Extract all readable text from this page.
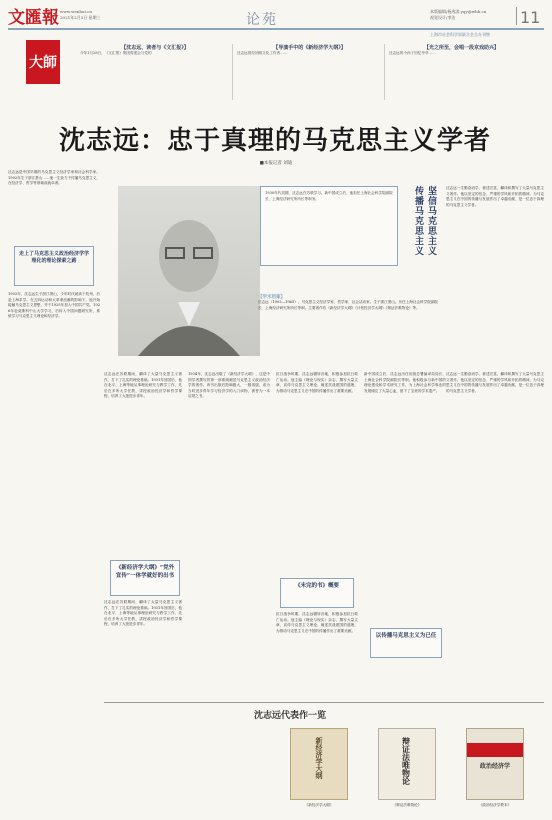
文匯報 www.wenhui.cn
2021年2月3日 星期三	论苑
本版编辑/杨逸淇 yqy@whb.cn
视觉设计/李洁	11
上海市社会科学界联合会合办刊物
大師
【沈志远、读者与《文汇报》】
今年1月28日，《文汇报》集团将建会与党的
【导演手中的《新经济学大纲》】
沈志远曾经回顾文化工作者……
【光之所至，会唱一段京戏助兴】
沈志远的小孙子回忆爷爷……
沈志远：忠于真理的马克思主义学者
■本报记者 刘迪
沈志远是中国早期的马克思主义经济学家和社会科学家。1902年生于浙江萧山……他一生致力于传播马克思主义，在经济学、哲学等领域成就卓著。
走上了马克思主义政治经济学学理化的理论探索之路
1902年，沈志远生于浙江萧山，少年时代就读于杭州，后赴上海求学。在五四运动和大革命浪潮的影响下，他开始接触马克思主义思想，并于1925年加入中国共产党。1926年赴莫斯科中山大学学习，后转入中国问题研究所，系统学习马克思主义理论和经济学。
1930年代初期，沈志远在苏联学习。新中国成立后，他担任上海社会科学院副院长、上海经济研究所所长等职务。	坚信马克思主义 传播马克思主义	沈志远一生勤奋治学，著述宏富，翻译和撰写了大量马克思主义著作。他以坚定的信念、严谨的学风和开拓的精神，为马克思主义在中国的传播与发展作出了卓越贡献，是一位忠于真理的马克思主义学者。
【学术档案】
沈志远（1902—1965），马克思主义经济学家、哲学家、社会活动家。生于浙江萧山。历任上海社会科学院副院长、上海经济研究所所长等职。主要著作有《新经济学大纲》《计划经济学大纲》《辩证法唯物论》等。
沈志远在苏联期间，翻译了大量马克思主义著作，打下了扎实的理论基础。1931年回国后，他在北平、上海等地从事理论研究与教学工作，先后在多所大学任教，讲授政治经济学和哲学课程，培养了大批进步青年。
《新经济学大纲》“党外宣传”一体学就好的出书
沈志远在苏联期间，翻译了大量马克思主义著作，打下了扎实的理论基础。1931年回国后，他在北平、上海等地从事理论研究与教学工作，先后在多所大学任教，讲授政治经济学和哲学课程，培养了大批进步青年。
1934年，沈志远出版了《新经济学大纲》，这是中国学者撰写的第一部系统阐述马克思主义政治经济学的著作。该书出版后影响极大，一版再版，成为当时进步青年学习经济学的入门读物，被誉为一本启蒙之书。
抗日战争时期，沈志远辗转各地，积极参加抗日救亡运动。他主编《理论与现实》杂志，撰写大量文章，宣传马克思主义理论，阐述抗战建国的道理，为推动马克思主义在中国的传播作出了重要贡献。
《未完的书》概要
抗日战争时期，沈志远辗转各地，积极参加抗日救亡运动。他主编《理论与现实》杂志，撰写大量文章，宣传马克思主义理论，阐述抗战建国的道理，为推动马克思主义在中国的传播作出了重要贡献。
新中国成立后，沈志远历任出版总署编译局局长、上海社会科学院副院长等职。他积极参与新中国的理论建设和学术研究工作，为上海社会科学事业的发展倾注了大量心血，留下了宝贵的学术遗产。
以传播马克思主义为已任
沈志远一生勤奋治学，著述宏富，翻译和撰写了大量马克思主义著作。他以坚定的信念、严谨的学风和开拓的精神，为马克思主义在中国的传播与发展作出了卓越贡献，是一位忠于真理的马克思主义学者。
沈志远代表作一览
新经济学大纲
《新经济学大纲》
辩证法唯物论
《辩证法唯物论》
政治经济学
《政治经济学教本》
